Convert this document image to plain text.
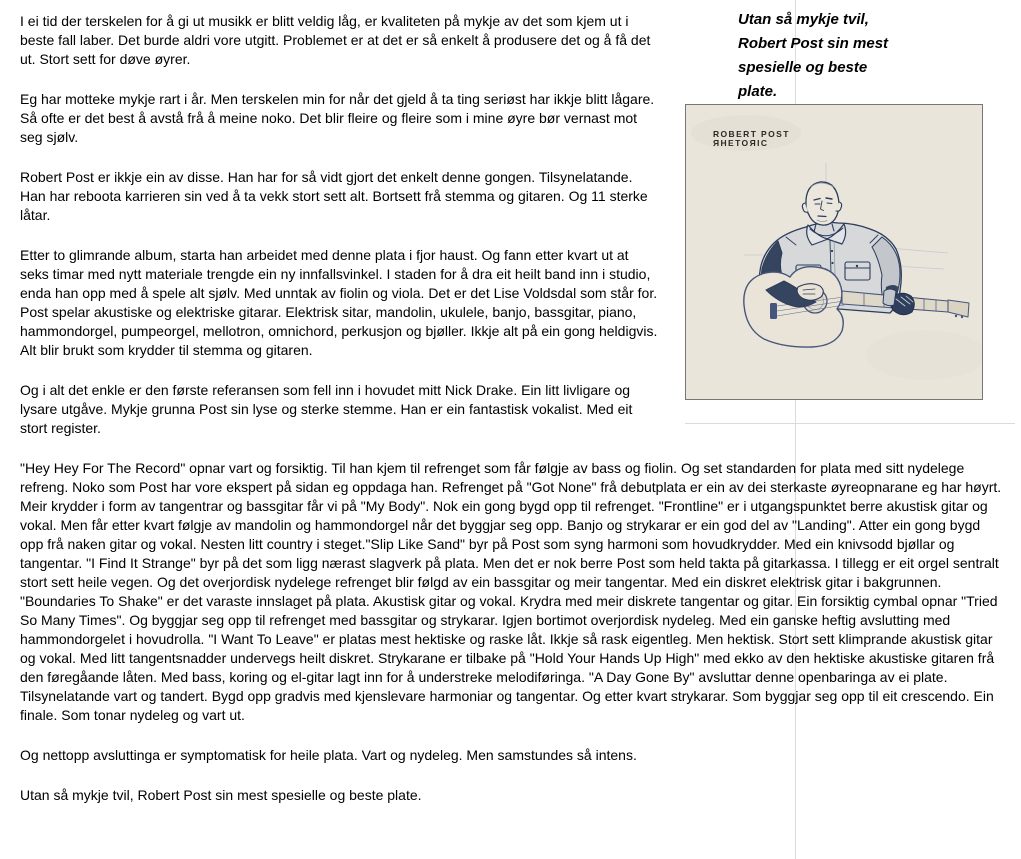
Utan så mykje tvil,
Robert Post sin mest
spesielle og beste
plate.
ROBERT POST
ЯHETOЯIC

I ei tid der terskelen for å gi ut musikk er blitt veldig låg, er kvaliteten på mykje av det som kjem ut i beste fall laber. Det burde aldri vore utgitt. Problemet er at det er så enkelt å produsere det og å få det ut. Stort sett for døve øyrer.

Eg har motteke mykje rart i år. Men terskelen min for når det gjeld å ta ting seriøst har ikkje blitt lågare. Så ofte er det best å avstå frå å meine noko. Det blir fleire og fleire som i mine øyre bør vernast mot seg sjølv.

Robert Post er ikkje ein av disse. Han har for så vidt gjort det enkelt denne gongen. Tilsynelatande. Han har reboota karrieren sin ved å ta vekk stort sett alt. Bortsett frå stemma og gitaren. Og 11 sterke låtar.

Etter to glimrande album, starta han arbeidet med denne plata i fjor haust. Og fann etter kvart ut at seks timar med nytt materiale trengde ein ny innfallsvinkel. I staden for å dra eit heilt band inn i studio, enda han opp med å spele alt sjølv. Med unntak av fiolin og viola. Det er det Lise Voldsdal som står for. Post spelar akustiske og elektriske gitarar. Elektrisk sitar, mandolin, ukulele, banjo, bassgitar, piano, hammondorgel, pumpeorgel, mellotron, omnichord, perkusjon og bjøller. Ikkje alt på ein gong heldigvis. Alt blir brukt som krydder til stemma og gitaren.

Og i alt det enkle er den første referansen som fell inn i hovudet mitt Nick Drake. Ein litt livligare og lysare utgåve. Mykje grunna Post sin lyse og sterke stemme. Han er ein fantastisk vokalist. Med eit stort register.

"Hey Hey For The Record" opnar vart og forsiktig. Til han kjem til refrenget som får følgje av bass og fiolin. Og set standarden for plata med sitt nydelege refreng. Noko som Post har vore ekspert på sidan eg oppdaga han. Refrenget på "Got None" frå debutplata er ein av dei sterkaste øyreopnarane eg har høyrt. Meir krydder i form av tangentrar og bassgitar får vi på "My Body". Nok ein gong bygd opp til refrenget. "Frontline" er i utgangspunktet berre akustisk gitar og vokal. Men får etter kvart følgje av mandolin og hammondorgel når det byggjar seg opp. Banjo og strykarar er ein god del av "Landing". Atter ein gong bygd opp frå naken gitar og vokal. Nesten litt country i steget."Slip Like Sand" byr på Post som syng harmoni som hovudkrydder. Med ein knivsodd bjøllar og tangentar. "I Find It Strange" byr på det som ligg nærast slagverk på plata. Men det er nok berre Post som held takta på gitarkassa. I tillegg er eit orgel sentralt stort sett heile vegen. Og det overjordisk nydelege refrenget blir følgd av ein bassgitar og meir tangentar. Med ein diskret elektrisk gitar i bakgrunnen. "Boundaries To Shake" er det varaste innslaget på plata. Akustisk gitar og vokal. Krydra med meir diskrete tangentar og gitar. Ein forsiktig cymbal opnar "Tried So Many Times". Og byggjar seg opp til refrenget med bassgitar og strykarar. Igjen bortimot overjordisk nydeleg. Med ein ganske heftig avslutting med hammondorgelet i hovudrolla. "I Want To Leave" er platas mest hektiske og raske låt. Ikkje så rask eigentleg. Men hektisk. Stort sett klimprande akustisk gitar og vokal. Med litt tangentsnadder undervegs heilt diskret. Strykarane er tilbake på "Hold Your Hands Up High" med ekko av den hektiske akustiske gitaren frå den føregåande låten. Med bass, koring og el-gitar lagt inn for å understreke melodiføringa. "A Day Gone By" avsluttar denne openbaringa av ei plate. Tilsynelatande vart og tandert. Bygd opp gradvis med kjenslevare harmoniar og tangentar. Og etter kvart strykarar. Som byggjar seg opp til eit crescendo. Ein finale. Som tonar nydeleg og vart ut.

Og nettopp avsluttinga er symptomatisk for heile plata. Vart og nydeleg. Men samstundes så intens.

Utan så mykje tvil, Robert Post sin mest spesielle og beste plate.
